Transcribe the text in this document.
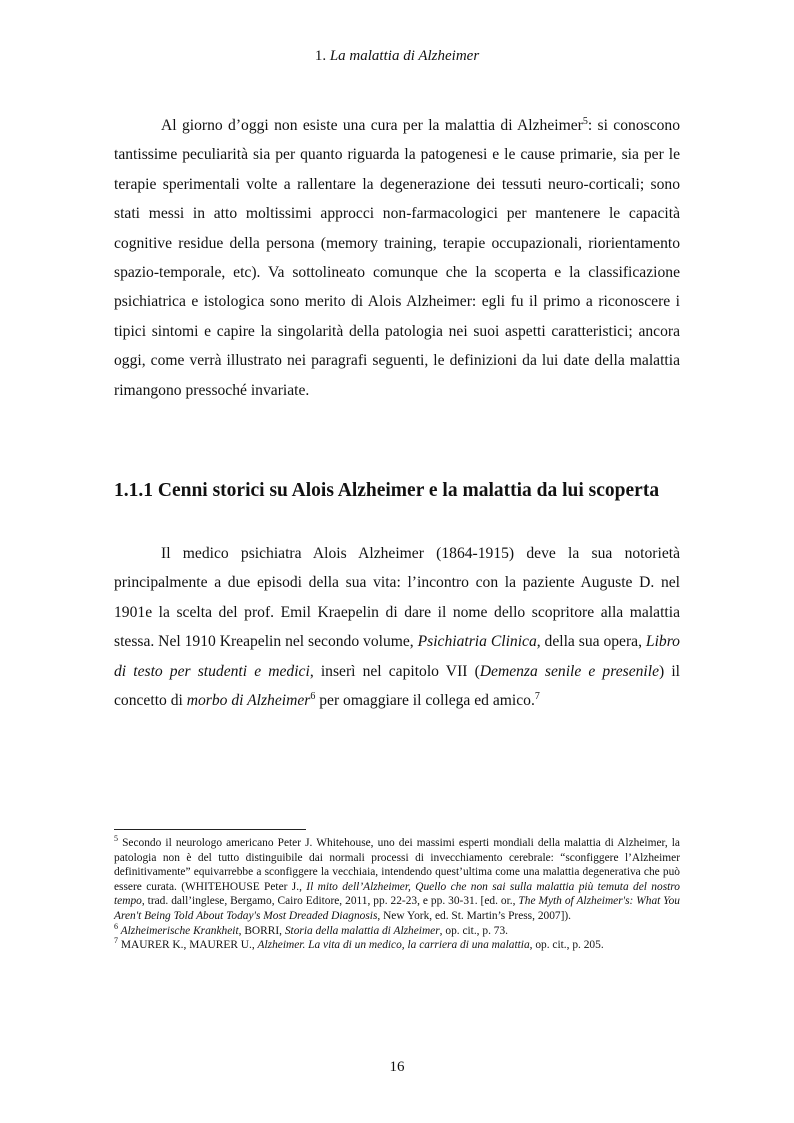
1. La malattia di Alzheimer

Al giorno d’oggi non esiste una cura per la malattia di Alzheimer$^5$: si conoscono tantissime peculiarità sia per quanto riguarda la patogenesi e le cause primarie, sia per le terapie sperimentali volte a rallentare la degenerazione dei tessuti neuro-corticali; sono stati messi in atto moltissimi approcci non-farmacologici per mantenere le capacità cognitive residue della persona (memory training, terapie occupazionali, riorientamento spazio-temporale, etc). Va sottolineato comunque che la scoperta e la classificazione psichiatrica e istologica sono merito di Alois Alzheimer: egli fu il primo a riconoscere i tipici sintomi e capire la singolarità della patologia nei suoi aspetti caratteristici; ancora oggi, come verrà illustrato nei paragrafi seguenti, le definizioni da lui date della malattia rimangono pressoché invariate.

1.1.1 Cenni storici su Alois Alzheimer e la malattia da lui scoperta

Il medico psichiatra Alois Alzheimer (1864-1915) deve la sua notorietà principalmente a due episodi della sua vita: l’incontro con la paziente Auguste D. nel 1901e la scelta del prof. Emil Kraepelin di dare il nome dello scopritore alla malattia stessa. Nel 1910 Kreapelin nel secondo volume, Psichiatria Clinica, della sua opera, Libro di testo per studenti e medici, inserì nel capitolo VII (Demenza senile e presenile) il concetto di morbo di Alzheimer$^6$ per omaggiare il collega ed amico.$^7$

$^5$ Secondo il neurologo americano Peter J. Whitehouse, uno dei massimi esperti mondiali della malattia di Alzheimer, la patologia non è del tutto distinguibile dai normali processi di invecchiamento cerebrale: “sconfiggere l’Alzheimer definitivamente” equivarrebbe a sconfiggere la vecchiaia, intendendo quest’ultima come una malattia degenerativa che può essere curata. (WHITEHOUSE Peter J., Il mito dell’Alzheimer, Quello che non sai sulla malattia più temuta del nostro tempo, trad. dall’inglese, Bergamo, Cairo Editore, 2011, pp. 22-23, e pp. 30-31. [ed. or., The Myth of Alzheimer's: What You Aren't Being Told About Today's Most Dreaded Diagnosis, New York, ed. St. Martin’s Press, 2007]).

$^6$ Alzheimerische Krankheit, BORRI, Storia della malattia di Alzheimer, op. cit., p. 73.

$^7$ MAURER K., MAURER U., Alzheimer. La vita di un medico, la carriera di una malattia, op. cit., p. 205.

16
